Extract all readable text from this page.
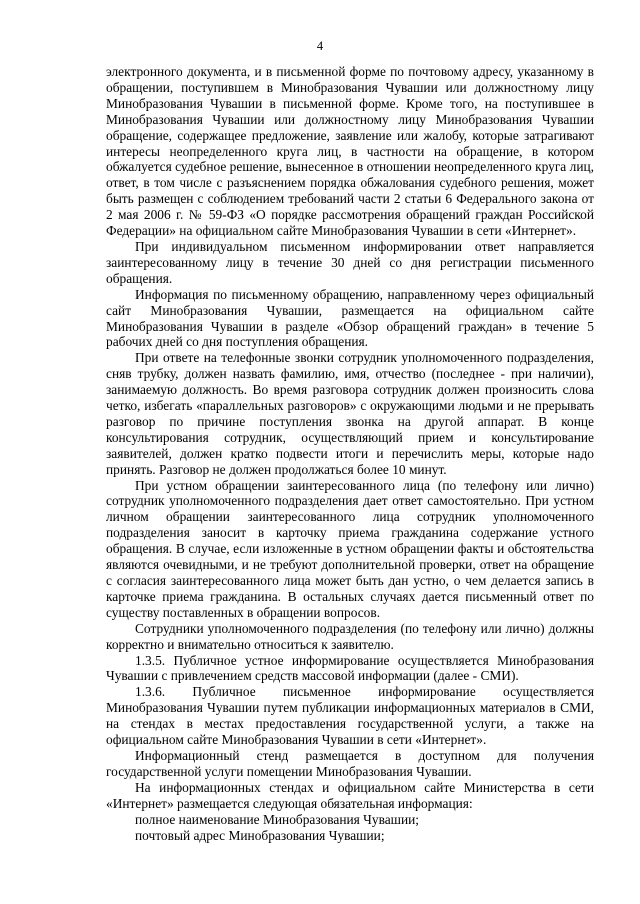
4

электронного документа, и в письменной форме по почтовому адресу, указанному в обращении, поступившем в Минобразования Чувашии или должностному лицу Минобразования Чувашии в письменной форме. Кроме того, на поступившее в Минобразования Чувашии или должностному лицу Минобразования Чувашии обращение, содержащее предложение, заявление или жалобу, которые затрагивают интересы неопределенного круга лиц, в частности на обращение, в котором обжалуется судебное решение, вынесенное в отношении неопределенного круга лиц, ответ, в том числе с разъяснением порядка обжалования судебного решения, может быть размещен с соблюдением требований части 2 статьи 6 Федерального закона от 2 мая 2006 г. № 59-ФЗ «О порядке рассмотрения обращений граждан Российской Федерации» на официальном сайте Минобразования Чувашии в сети «Интернет».

При индивидуальном письменном информировании ответ направляется заинтересованному лицу в течение 30 дней со дня регистрации письменного обращения.

Информация по письменному обращению, направленному через официальный сайт Минобразования Чувашии, размещается на официальном сайте Минобразования Чувашии в разделе «Обзор обращений граждан» в течение 5 рабочих дней со дня поступления обращения.

При ответе на телефонные звонки сотрудник уполномоченного подразделения, сняв трубку, должен назвать фамилию, имя, отчество (последнее - при наличии), занимаемую должность. Во время разговора сотрудник должен произносить слова четко, избегать «параллельных разговоров» с окружающими людьми и не прерывать разговор по причине поступления звонка на другой аппарат. В конце консультирования сотрудник, осуществляющий прием и консультирование заявителей, должен кратко подвести итоги и перечислить меры, которые надо принять. Разговор не должен продолжаться более 10 минут.

При устном обращении заинтересованного лица (по телефону или лично) сотрудник уполномоченного подразделения дает ответ самостоятельно. При устном личном обращении заинтересованного лица сотрудник уполномоченного подразделения заносит в карточку приема гражданина содержание устного обращения. В случае, если изложенные в устном обращении факты и обстоятельства являются очевидными, и не требуют дополнительной проверки, ответ на обращение с согласия заинтересованного лица может быть дан устно, о чем делается запись в карточке приема гражданина. В остальных случаях дается письменный ответ по существу поставленных в обращении вопросов.

Сотрудники уполномоченного подразделения (по телефону или лично) должны корректно и внимательно относиться к заявителю.

1.3.5. Публичное устное информирование осуществляется Минобразования Чувашии с привлечением средств массовой информации (далее - СМИ).

1.3.6. Публичное письменное информирование осуществляется Минобразования Чувашии путем публикации информационных материалов в СМИ, на стендах в местах предоставления государственной услуги, а также на официальном сайте Минобразования Чувашии в сети «Интернет».

Информационный стенд размещается в доступном для получения государственной услуги помещении Минобразования Чувашии.

На информационных стендах и официальном сайте Министерства в сети «Интернет» размещается следующая обязательная информация:

полное наименование Минобразования Чувашии;

почтовый адрес Минобразования Чувашии;
